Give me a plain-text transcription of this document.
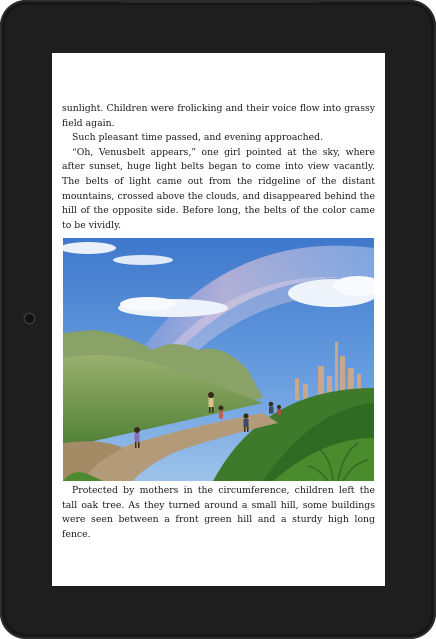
sunlight. Children were frolicking and their voice flow into grassy field again.

Such pleasant time passed, and evening approached.

“Oh, Venusbelt appears,” one girl pointed at the sky, where after sunset, huge light belts began to come into view vacantly. The belts of light came out from the ridgeline of the distant mountains, crossed above the clouds, and disappeared behind the hill of the opposite side. Before long, the belts of the color came to be vividly.

Protected by mothers in the circumference, children left the tall oak tree. As they turned around a small hill, some buildings were seen between a front green hill and a sturdy high long fence.
